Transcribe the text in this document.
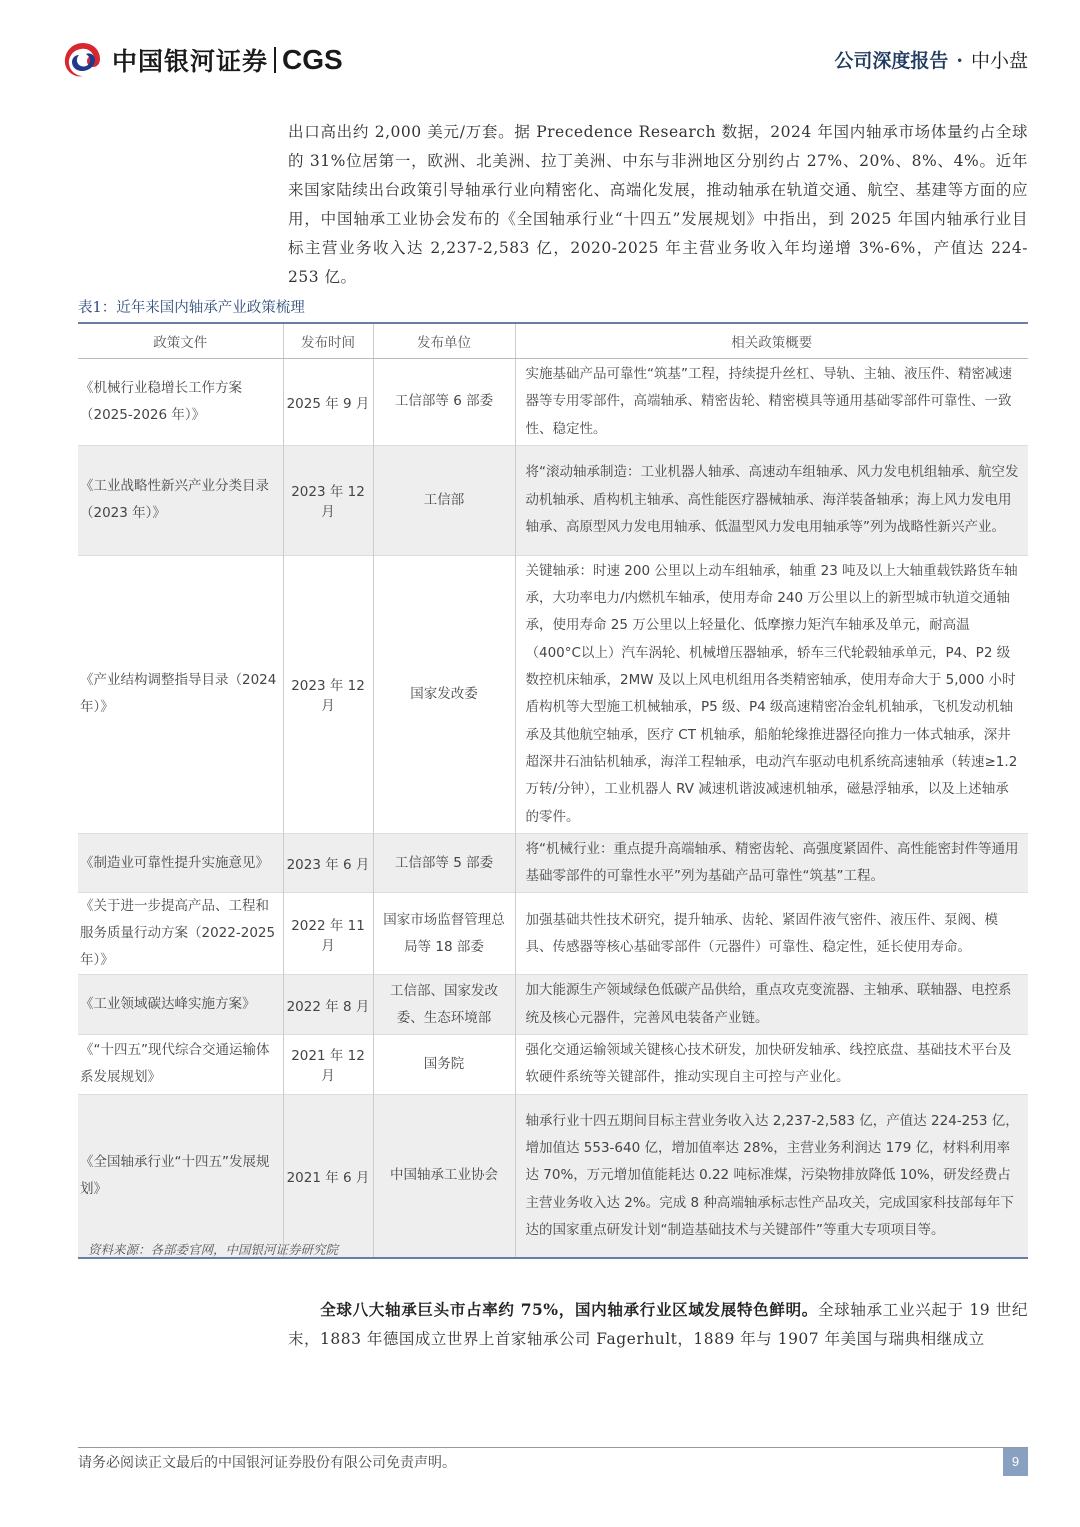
中国银河证券 CGS	公司深度报告 · 中小盘
出口高出约 2,000 美元/万套。据 Precedence Research 数据，2024 年国内轴承市场体量约占全球的 31%位居第一，欧洲、北美洲、拉丁美洲、中东与非洲地区分别约占 27%、20%、8%、4%。近年来国家陆续出台政策引导轴承行业向精密化、高端化发展，推动轴承在轨道交通、航空、基建等方面的应用，中国轴承工业协会发布的《全国轴承行业“十四五”发展规划》中指出，到 2025 年国内轴承行业目标主营业务收入达 2,237-2,583 亿，2020-2025 年主营业务收入年均递增 3%-6%，产值达 224-253 亿。
表1：近年来国内轴承产业政策梳理
政策文件	发布时间	发布单位	相关政策概要
《机械行业稳增长工作方案（2025-2026 年）》	2025 年 9 月	工信部等 6 部委	实施基础产品可靠性“筑基”工程，持续提升丝杠、导轨、主轴、液压件、精密减速器等专用零部件，高端轴承、精密齿轮、精密模具等通用基础零部件可靠性、一致性、稳定性。
《工业战略性新兴产业分类目录（2023 年）》	2023 年 12 月	工信部	将“滚动轴承制造：工业机器人轴承、高速动车组轴承、风力发电机组轴承、航空发动机轴承、盾构机主轴承、高性能医疗器械轴承、海洋装备轴承；海上风力发电用轴承、高原型风力发电用轴承、低温型风力发电用轴承等”列为战略性新兴产业。
《产业结构调整指导目录（2024 年）》	2023 年 12 月	国家发改委	关键轴承：时速 200 公里以上动车组轴承，轴重 23 吨及以上大轴重载铁路货车轴承，大功率电力/内燃机车轴承，使用寿命 240 万公里以上的新型城市轨道交通轴承，使用寿命 25 万公里以上轻量化、低摩擦力矩汽车轴承及单元，耐高温（400°C以上）汽车涡轮、机械增压器轴承，轿车三代轮毂轴承单元，P4、P2 级数控机床轴承，2MW 及以上风电机组用各类精密轴承，使用寿命大于 5,000 小时盾构机等大型施工机械轴承，P5 级、P4 级高速精密冶金轧机轴承，飞机发动机轴承及其他航空轴承，医疗 CT 机轴承，船舶轮缘推进器径向推力一体式轴承，深井超深井石油钻机轴承，海洋工程轴承，电动汽车驱动电机系统高速轴承（转速≥1.2 万转/分钟），工业机器人 RV 减速机谐波减速机轴承，磁悬浮轴承，以及上述轴承的零件。
《制造业可靠性提升实施意见》	2023 年 6 月	工信部等 5 部委	将“机械行业：重点提升高端轴承、精密齿轮、高强度紧固件、高性能密封件等通用基础零部件的可靠性水平”列为基础产品可靠性“筑基”工程。
《关于进一步提高产品、工程和服务质量行动方案（2022-2025 年）》	2022 年 11 月	国家市场监督管理总局等 18 部委	加强基础共性技术研究，提升轴承、齿轮、紧固件液气密件、液压件、泵阀、模具、传感器等核心基础零部件（元器件）可靠性、稳定性，延长使用寿命。
《工业领域碳达峰实施方案》	2022 年 8 月	工信部、国家发改委、生态环境部	加大能源生产领域绿色低碳产品供给，重点攻克变流器、主轴承、联轴器、电控系统及核心元器件，完善风电装备产业链。
《“十四五”现代综合交通运输体系发展规划》	2021 年 12 月	国务院	强化交通运输领域关键核心技术研发，加快研发轴承、线控底盘、基础技术平台及软硬件系统等关键部件，推动实现自主可控与产业化。
《全国轴承行业“十四五”发展规划》	2021 年 6 月	中国轴承工业协会	轴承行业十四五期间目标主营业务收入达 2,237-2,583 亿，产值达 224-253 亿，增加值达 553-640 亿，增加值率达 28%，主营业务利润达 179 亿，材料利用率达 70%，万元增加值能耗达 0.22 吨标准煤，污染物排放降低 10%，研发经费占主营业务收入达 2%。完成 8 种高端轴承标志性产品攻关，完成国家科技部每年下达的国家重点研发计划“制造基础技术与关键部件”等重大专项项目等。
资料来源：各部委官网，中国银河证券研究院
全球八大轴承巨头市占率约 75%，国内轴承行业区域发展特色鲜明。全球轴承工业兴起于 19 世纪末，1883 年德国成立世界上首家轴承公司 Fagerhult，1889 年与 1907 年美国与瑞典相继成立
请务必阅读正文最后的中国银河证券股份有限公司免责声明。	9
